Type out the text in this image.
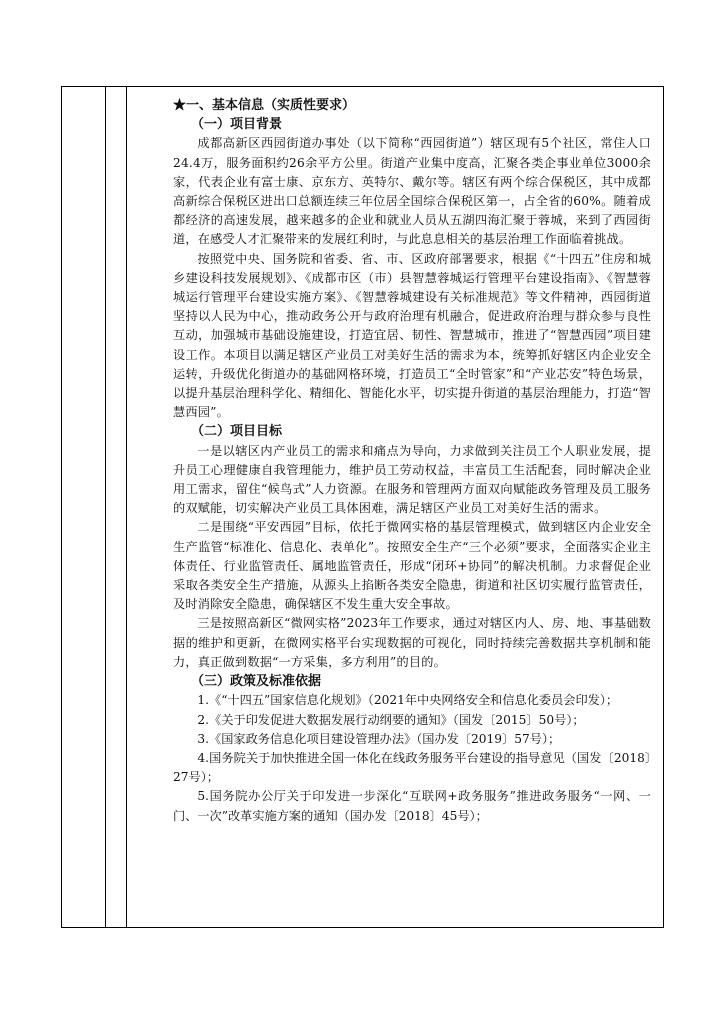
★一、基本信息（实质性要求）

（一）项目背景

成都高新区西园街道办事处（以下简称“西园街道”）辖区现有5个社区，常住人口24.4万，服务面积约26余平方公里。街道产业集中度高，汇聚各类企事业单位3000余家，代表企业有富士康、京东方、英特尔、戴尔等。辖区有两个综合保税区，其中成都高新综合保税区进出口总额连续三年位居全国综合保税区第一，占全省的60%。随着成都经济的高速发展，越来越多的企业和就业人员从五湖四海汇聚于蓉城，来到了西园街道，在感受人才汇聚带来的发展红利时，与此息息相关的基层治理工作面临着挑战。

按照党中央、国务院和省委、省、市、区政府部署要求，根据《“十四五”住房和城乡建设科技发展规划》、《成都市区（市）县智慧蓉城运行管理平台建设指南》、《智慧蓉城运行管理平台建设实施方案》、《智慧蓉城建设有关标准规范》等文件精神，西园街道坚持以人民为中心，推动政务公开与政府治理有机融合，促进政府治理与群众参与良性互动，加强城市基础设施建设，打造宜居、韧性、智慧城市，推进了“智慧西园”项目建设工作。本项目以满足辖区产业员工对美好生活的需求为本，统筹抓好辖区内企业安全运转，升级优化街道办的基础网格环境，打造员工“全时管家”和“产业芯安”特色场景，以提升基层治理科学化、精细化、智能化水平，切实提升街道的基层治理能力，打造“智慧西园”。

（二）项目目标

一是以辖区内产业员工的需求和痛点为导向，力求做到关注员工个人职业发展，提升员工心理健康自我管理能力，维护员工劳动权益，丰富员工生活配套，同时解决企业用工需求，留住“候鸟式”人力资源。在服务和管理两方面双向赋能政务管理及员工服务的双赋能，切实解决产业员工具体困难，满足辖区产业员工对美好生活的需求。

二是围绕“平安西园”目标，依托于微网实格的基层管理模式，做到辖区内企业安全生产监管“标准化、信息化、表单化”。按照安全生产“三个必须”要求，全面落实企业主体责任、行业监管责任、属地监管责任，形成“闭环+协同”的解决机制。力求督促企业采取各类安全生产措施，从源头上掐断各类安全隐患，街道和社区切实履行监管责任，及时消除安全隐患，确保辖区不发生重大安全事故。

三是按照高新区“微网实格”2023年工作要求，通过对辖区内人、房、地、事基础数据的维护和更新，在微网实格平台实现数据的可视化，同时持续完善数据共享机制和能力，真正做到数据“一方采集，多方利用”的目的。

（三）政策及标准依据

1.《“十四五”国家信息化规划》（2021年中央网络安全和信息化委员会印发）；

2.《关于印发促进大数据发展行动纲要的通知》（国发〔2015〕50号）；

3.《国家政务信息化项目建设管理办法》（国办发〔2019〕57号）；

4.国务院关于加快推进全国一体化在线政务服务平台建设的指导意见（国发〔2018〕27号）；

5.国务院办公厅关于印发进一步深化“互联网+政务服务”推进政务服务“一网、一门、一次”改革实施方案的通知（国办发〔2018〕45号）；
